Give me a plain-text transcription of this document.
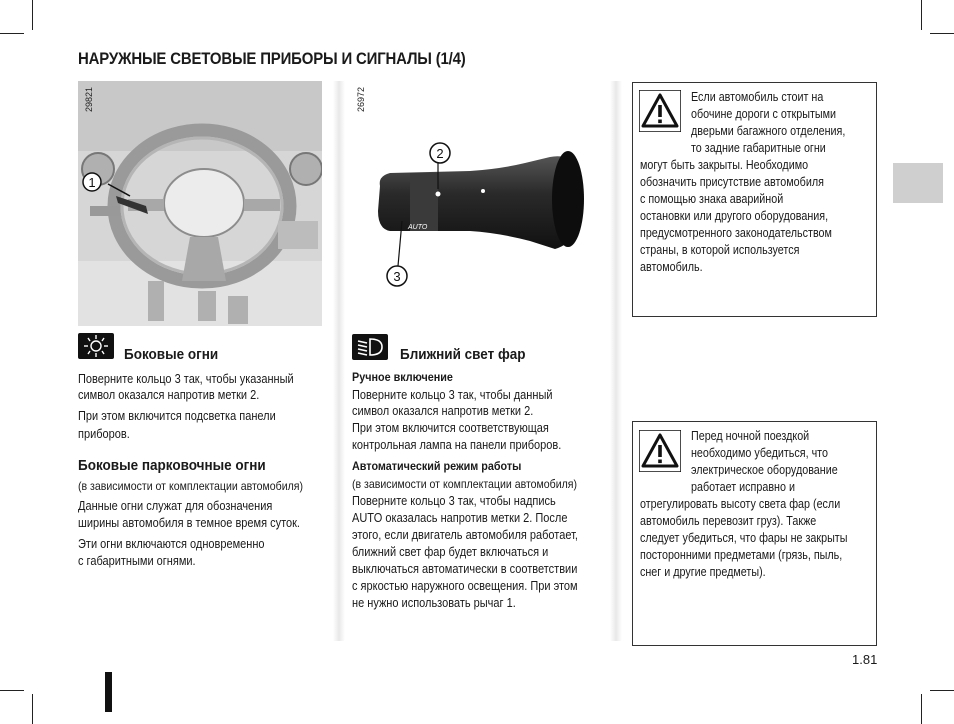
НАРУЖНЫЕ СВЕТОВЫЕ ПРИБОРЫ И СИГНАЛЫ (1/4)
1
29821
AUTO
2
3
26972
Боковые огни
Поверните кольцо 3 так, чтобы указанный
символ оказался напротив метки 2.
При этом включится подсветка панели
приборов.
Боковые парковочные огни
(в зависимости от комплектации автомобиля)
Данные огни служат для обозначения
ширины автомобиля в темное время суток.
Эти огни включаются одновременно
с габаритными огнями.
Ближний свет фар
Ручное включение
Поверните кольцо 3 так, чтобы данный
символ оказался напротив метки 2.
При этом включится соответствующая
контрольная лампа на панели приборов.
Автоматический режим работы
(в зависимости от комплектации автомобиля)
Поверните кольцо 3 так, чтобы надпись
AUTO оказалась напротив метки 2. После
этого, если двигатель автомобиля работает,
ближний свет фар будет включаться и
выключаться автоматически в соответствии
с яркостью наружного освещения. При этом
не нужно использовать рычаг 1.
Если автомобиль стоит на
обочине дороги с открытыми
дверьми багажного отделения,
то задние габаритные огни
могут быть закрыты. Необходимо
обозначить присутствие автомобиля
с помощью знака аварийной
остановки или другого оборудования,
предусмотренного законодательством
страны, в которой используется
автомобиль.
Перед ночной поездкой
необходимо убедиться, что
электрическое оборудование
работает исправно и
отрегулировать высоту света фар (если
автомобиль перевозит груз). Также
следует убедиться, что фары не закрыты
посторонними предметами (грязь, пыль,
снег и другие предметы).
1.81
